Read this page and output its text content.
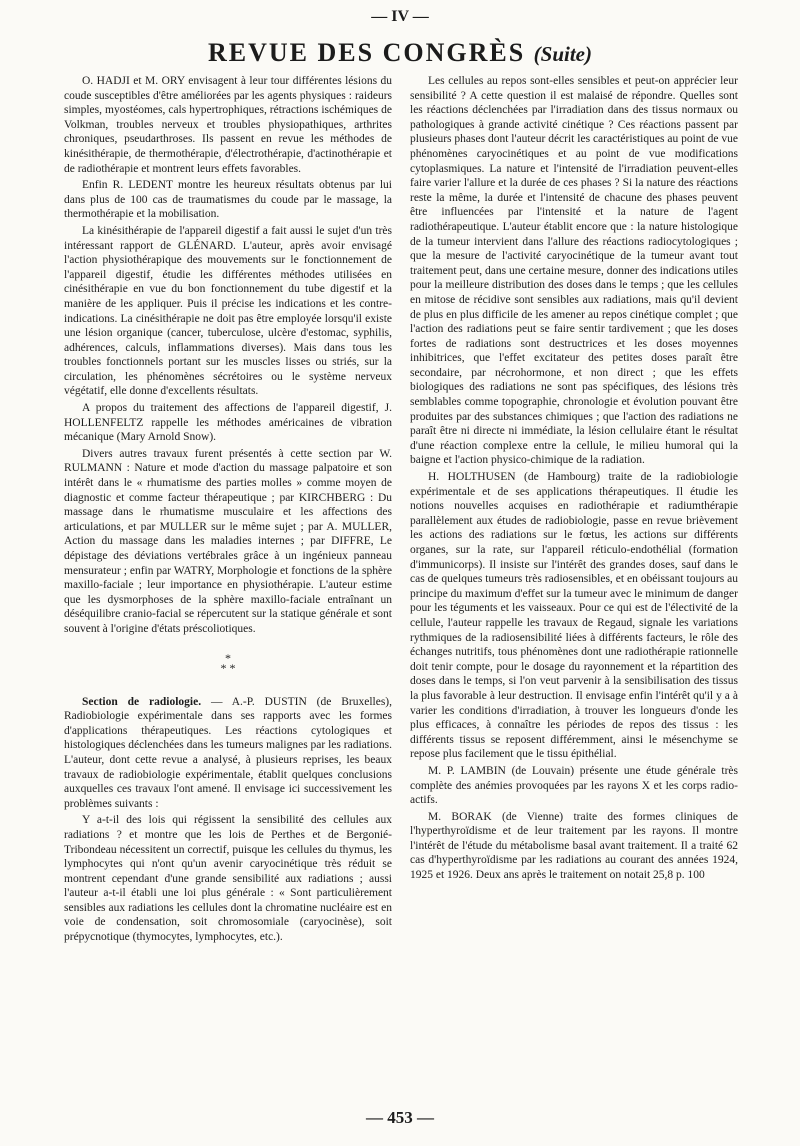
— IV —
REVUE DES CONGRÈS (Suite)

O. HADJI et M. ORY envisagent à leur tour différentes lésions du coude susceptibles d'être améliorées par les agents physiques : raideurs simples, myostéomes, cals hypertrophiques, rétractions ischémiques de Volkman, troubles nerveux et troubles physiopathiques, arthrites chroniques, pseudarthroses. Ils passent en revue les méthodes de kinésithérapie, de thermothérapie, d'électrothérapie, d'actinothérapie et de radiothérapie et montrent leurs effets favorables.

Enfin R. LEDENT montre les heureux résultats obtenus par lui dans plus de 100 cas de traumatismes du coude par le massage, la thermothérapie et la mobilisation.

La kinésithérapie de l'appareil digestif a fait aussi le sujet d'un très intéressant rapport de GLÉNARD. L'auteur, après avoir envisagé l'action physiothérapique des mouvements sur le fonctionnement de l'appareil digestif, étudie les différentes méthodes utilisées en cinésithérapie en vue du bon fonctionnement du tube digestif et la manière de les appliquer. Puis il précise les indications et les contre-indications. La cinésithérapie ne doit pas être employée lorsqu'il existe une lésion organique (cancer, tuberculose, ulcère d'estomac, syphilis, adhérences, calculs, inflammations diverses). Mais dans tous les troubles fonctionnels portant sur les muscles lisses ou striés, sur la circulation, les phénomènes sécrétoires ou le système nerveux végétatif, elle donne d'excellents résultats.

A propos du traitement des affections de l'appareil digestif, J. HOLLENFELTZ rappelle les méthodes américaines de vibration mécanique (Mary Arnold Snow).

Divers autres travaux furent présentés à cette section par W. RULMANN : Nature et mode d'action du massage palpatoire et son intérêt dans le « rhumatisme des parties molles » comme moyen de diagnostic et comme facteur thérapeutique ; par KIRCHBERG : Du massage dans le rhumatisme musculaire et les affections des articulations, et par MULLER sur le même sujet ; par A. MULLER, Action du massage dans les maladies internes ; par DIFFRE, Le dépistage des déviations vertébrales grâce à un ingénieux panneau mensurateur ; enfin par WATRY, Morphologie et fonctions de la sphère maxillo-faciale ; leur importance en physiothérapie. L'auteur estime que les dysmorphoses de la sphère maxillo-faciale entraînant un déséquilibre cranio-facial se répercutent sur la statique générale et sont souvent à l'origine d'états préscoliotiques.

*
* *

Section de radiologie. — A.-P. DUSTIN (de Bruxelles), Radiobiologie expérimentale dans ses rapports avec les formes d'applications thérapeutiques. Les réactions cytologiques et histologiques déclenchées dans les tumeurs malignes par les radiations. L'auteur, dont cette revue a analysé, à plusieurs reprises, les beaux travaux de radiobiologie expérimentale, établit quelques conclusions auxquelles ces travaux l'ont amené. Il envisage ici successivement les problèmes suivants :

Y a-t-il des lois qui régissent la sensibilité des cellules aux radiations ? et montre que les lois de Perthes et de Bergonié-Tribondeau nécessitent un correctif, puisque les cellules du thymus, les lymphocytes qui n'ont qu'un avenir caryocinétique très réduit se montrent cependant d'une grande sensibilité aux radiations ; aussi l'auteur a-t-il établi une loi plus générale : « Sont particulièrement sensibles aux radiations les cellules dont la chromatine nucléaire est en voie de condensation, soit chromosomiale (caryocinèse), soit prépycnotique (thymocytes, lymphocytes, etc.).

Les cellules au repos sont-elles sensibles et peut-on apprécier leur sensibilité ? A cette question il est malaisé de répondre. Quelles sont les réactions déclenchées par l'irradiation dans des tissus normaux ou pathologiques à grande activité cinétique ? Ces réactions passent par plusieurs phases dont l'auteur décrit les caractéristiques au point de vue phénomènes caryocinétiques et au point de vue modifications cytoplasmiques. La nature et l'intensité de l'irradiation peuvent-elles faire varier l'allure et la durée de ces phases ? Si la nature des réactions reste la même, la durée et l'intensité de chacune des phases peuvent être influencées par l'intensité et la nature de l'agent radiothérapeutique. L'auteur établit encore que : la nature histologique de la tumeur intervient dans l'allure des réactions radiocytologiques ; que la mesure de l'activité caryocinétique de la tumeur avant tout traitement peut, dans une certaine mesure, donner des indications utiles pour la meilleure distribution des doses dans le temps ; que les cellules en mitose de récidive sont sensibles aux radiations, mais qu'il devient de plus en plus difficile de les amener au repos cinétique complet ; que l'action des radiations peut se faire sentir tardivement ; que les doses fortes de radiations sont destructrices et les doses moyennes inhibitrices, que l'effet excitateur des petites doses paraît être secondaire, par nécrohormone, et non direct ; que les effets biologiques des radiations ne sont pas spécifiques, des lésions très semblables comme topographie, chronologie et évolution pouvant être produites par des substances chimiques ; que l'action des radiations ne paraît être ni directe ni immédiate, la lésion cellulaire étant le résultat d'une réaction complexe entre la cellule, le milieu humoral qui la baigne et l'action physico-chimique de la radiation.

H. HOLTHUSEN (de Hambourg) traite de la radiobiologie expérimentale et de ses applications thérapeutiques. Il étudie les notions nouvelles acquises en radiothérapie et radiumthérapie parallèlement aux études de radiobiologie, passe en revue brièvement les actions des radiations sur le fœtus, les actions sur différents organes, sur la rate, sur l'appareil réticulo-endothélial (formation d'immunicorps). Il insiste sur l'intérêt des grandes doses, sauf dans le cas de quelques tumeurs très radiosensibles, et en obéissant toujours au principe du maximum d'effet sur la tumeur avec le minimum de danger pour les téguments et les vaisseaux. Pour ce qui est de l'électivité de la cellule, l'auteur rappelle les travaux de Regaud, signale les variations rythmiques de la radiosensibilité liées à différents facteurs, le rôle des échanges nutritifs, tous phénomènes dont une radiothérapie rationnelle doit tenir compte, pour le dosage du rayonnement et la répartition des doses dans le temps, si l'on veut parvenir à la sensibilisation des tissus la plus favorable à leur destruction. Il envisage enfin l'intérêt qu'il y a à varier les conditions d'irradiation, à trouver les longueurs d'onde les plus efficaces, à connaître les périodes de repos des tissus : les différents tissus se reposent différemment, ainsi le mésenchyme se repose plus facilement que le tissu épithélial.

M. P. LAMBIN (de Louvain) présente une étude générale très complète des anémies provoquées par les rayons X et les corps radio-actifs.

M. BORAK (de Vienne) traite des formes cliniques de l'hyperthyroïdisme et de leur traitement par les rayons. Il montre l'intérêt de l'étude du métabolisme basal avant traitement. Il a traité 62 cas d'hyperthyroïdisme par les radiations au courant des années 1924, 1925 et 1926. Deux ans après le traitement on notait 25,8 p. 100

— 453 —
